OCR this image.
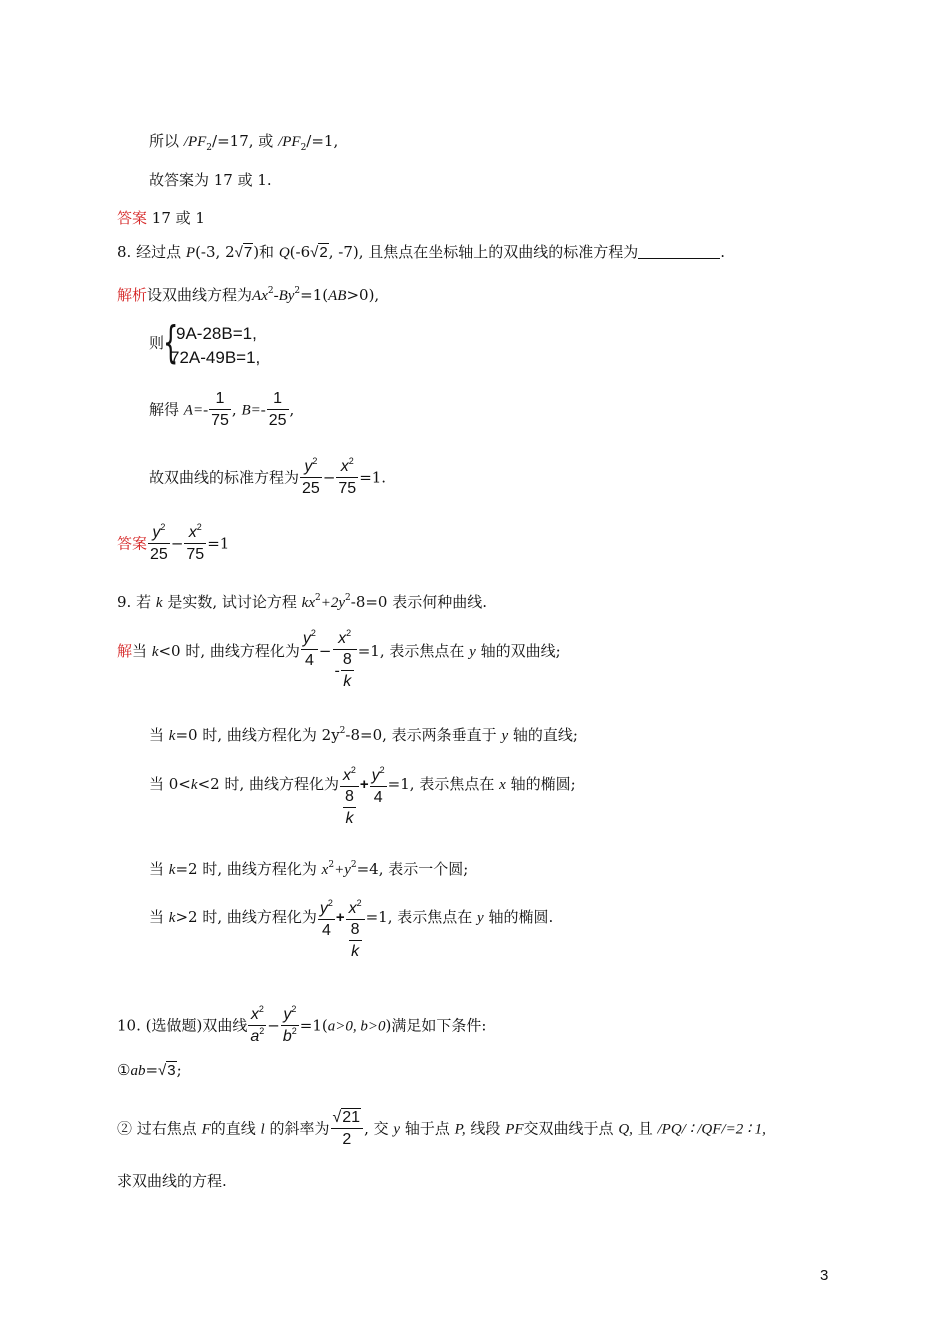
所以 $/PF_2/=17$, 或 $/PF_2/=1$,
故答案为 17 或 1.
答案 17 或 1
8. 经过点 P(-3, 2√7)和 Q(-6√2, -7), 且焦点在坐标轴上的双曲线的标准方程为	.
解析设双曲线方程为$Ax^2-By^2=1(AB>0)$,
则
{
9A-28B=1,
72A-49B=1,
解得 $A=- \frac{1}{75}$ , $B=- \frac{1}{25}$ ,
故双曲线的标准方程为 $\frac{y^2}{25} - \frac{x^2}{75} =1$.
答案 $\frac{y^2}{25} - \frac{x^2}{75} =1$
9. 若 k 是实数, 试讨论方程 $kx^2+2y^2-8=0$ 表示何种曲线.
解当 k<0 时, 曲线方程化为 $\frac{y^2}{4} - \frac{x^2}{- \frac{8}{k}} =1$, 表示焦点在 y 轴的双曲线;
当 k=0 时, 曲线方程化为 $2y^2-8=0$, 表示两条垂直于 y 轴的直线;
当 0<k<2 时, 曲线方程化为 $\frac{x^2}{\frac{8}{k}} + \frac{y^2}{4} =1$, 表示焦点在 x 轴的椭圆;
当 k=2 时, 曲线方程化为 $x^2+y^2=4$, 表示一个圆;
当 k>2 时, 曲线方程化为 $\frac{y^2}{4} + \frac{x^2}{\frac{8}{k}} =1$, 表示焦点在 y 轴的椭圆.
10. (选做题)双曲线 $\frac{x^2}{a^2} - \frac{y^2}{b^2} =1(a>0$, b>0)满足如下条件:
①ab=√3;
② 过右焦点 F的直线 l 的斜率为 $\frac{√21}{2}$ , 交 y 轴于点 P, 线段 PF交双曲线于点 Q, 且 /PQ/ ∶ /QF/=2 ∶ 1,
求双曲线的方程.
3
